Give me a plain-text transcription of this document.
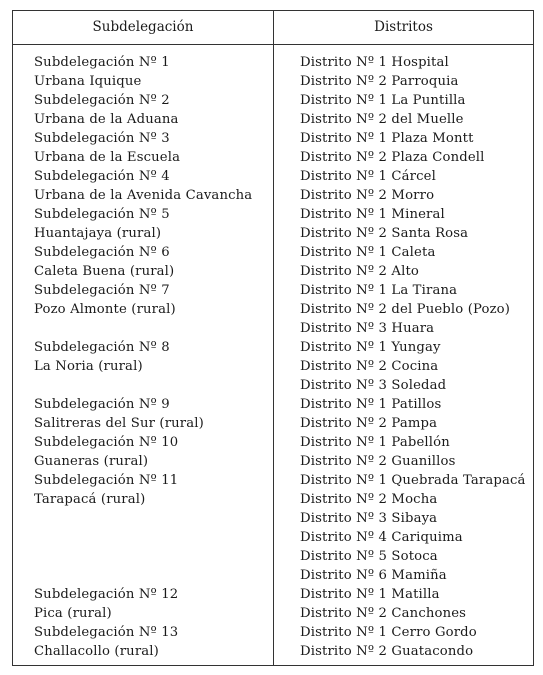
Subdelegación	Distritos
Subdelegación Nº 1
Urbana Iquique
Subdelegación Nº 2
Urbana de la Aduana
Subdelegación Nº 3
Urbana de la Escuela
Subdelegación Nº 4
Urbana de la Avenida Cavancha
Subdelegación Nº 5
Huantajaya (rural)
Subdelegación Nº 6
Caleta Buena (rural)
Subdelegación Nº 7
Pozo Almonte (rural)
Subdelegación Nº 8
La Noria (rural)
Subdelegación Nº 9
Salitreras del Sur (rural)
Subdelegación Nº 10
Guaneras (rural)
Subdelegación Nº 11
Tarapacá (rural)
Subdelegación Nº 12
Pica (rural)
Subdelegación Nº 13
Challacollo (rural)
Distrito Nº 1 Hospital
Distrito Nº 2 Parroquia
Distrito Nº 1 La Puntilla
Distrito Nº 2 del Muelle
Distrito Nº 1 Plaza Montt
Distrito Nº 2 Plaza Condell
Distrito Nº 1 Cárcel
Distrito Nº 2 Morro
Distrito Nº 1 Mineral
Distrito Nº 2 Santa Rosa
Distrito Nº 1 Caleta
Distrito Nº 2 Alto
Distrito Nº 1 La Tirana
Distrito Nº 2 del Pueblo (Pozo)
Distrito Nº 3 Huara
Distrito Nº 1 Yungay
Distrito Nº 2 Cocina
Distrito Nº 3 Soledad
Distrito Nº 1 Patillos
Distrito Nº 2 Pampa
Distrito Nº 1 Pabellón
Distrito Nº 2 Guanillos
Distrito Nº 1 Quebrada Tarapacá
Distrito Nº 2 Mocha
Distrito Nº 3 Sibaya
Distrito Nº 4 Cariquima
Distrito Nº 5 Sotoca
Distrito Nº 6 Mamiña
Distrito Nº 1 Matilla
Distrito Nº 2 Canchones
Distrito Nº 1 Cerro Gordo
Distrito Nº 2 Guatacondo
